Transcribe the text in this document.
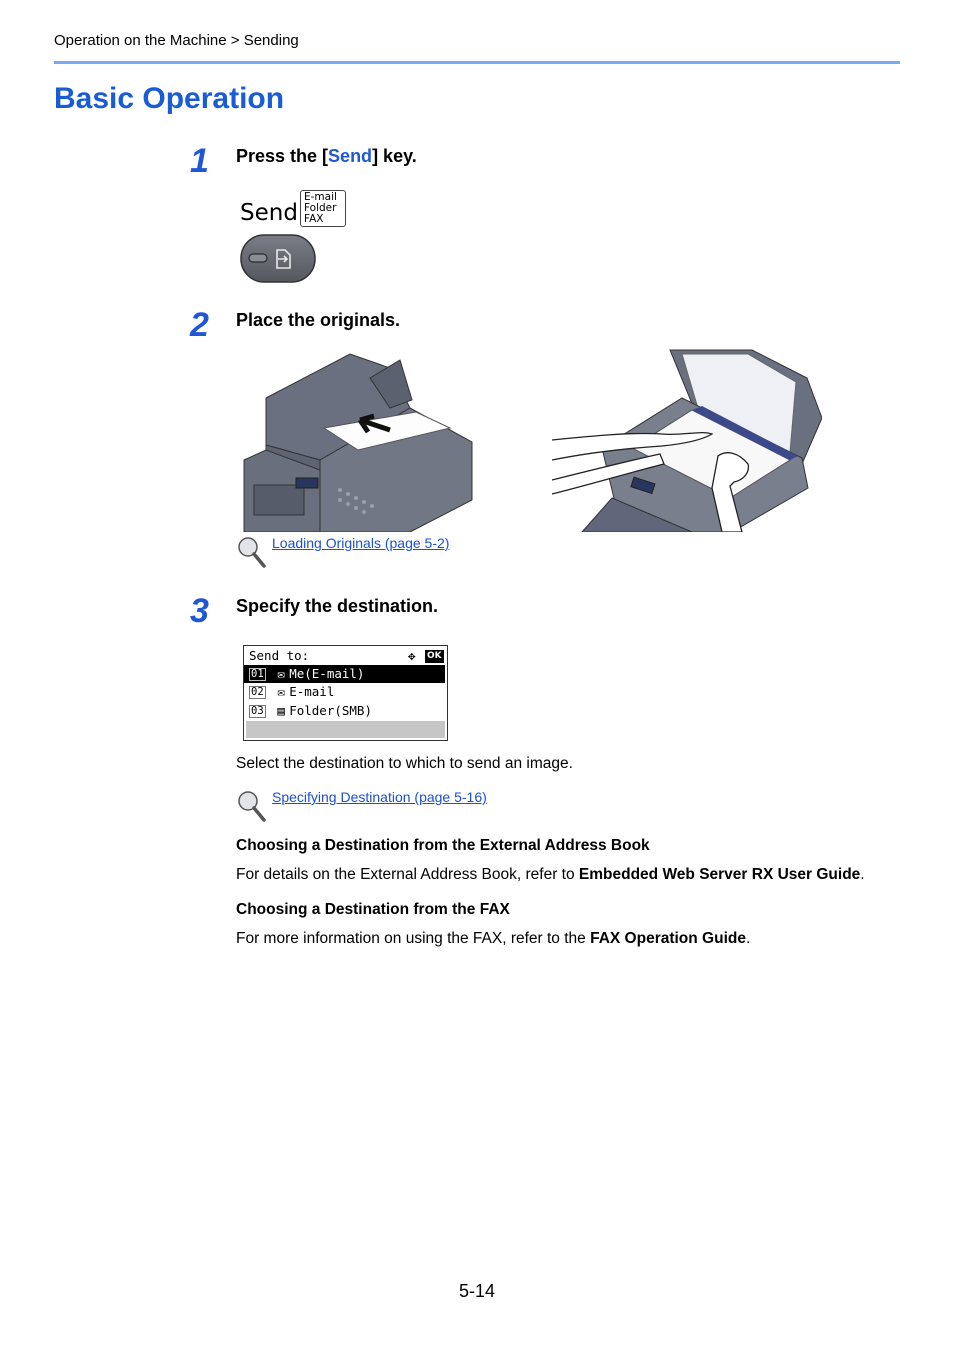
Operation on the Machine > Sending
Basic Operation
1 Press the [Send] key.
Send
E-mail
Folder
FAX
2 Place the originals.
Loading Originals (page 5-2)
3 Specify the destination.
Send to:	✥ OK
01 ✉ Me(E-mail)
02 ✉ E-mail
03 ▤ Folder(SMB)
Select the destination to which to send an image.
Specifying Destination (page 5-16)
Choosing a Destination from the External Address Book
For details on the External Address Book, refer to Embedded Web Server RX User Guide.
Choosing a Destination from the FAX
For more information on using the FAX, refer to the FAX Operation Guide.
5-14
